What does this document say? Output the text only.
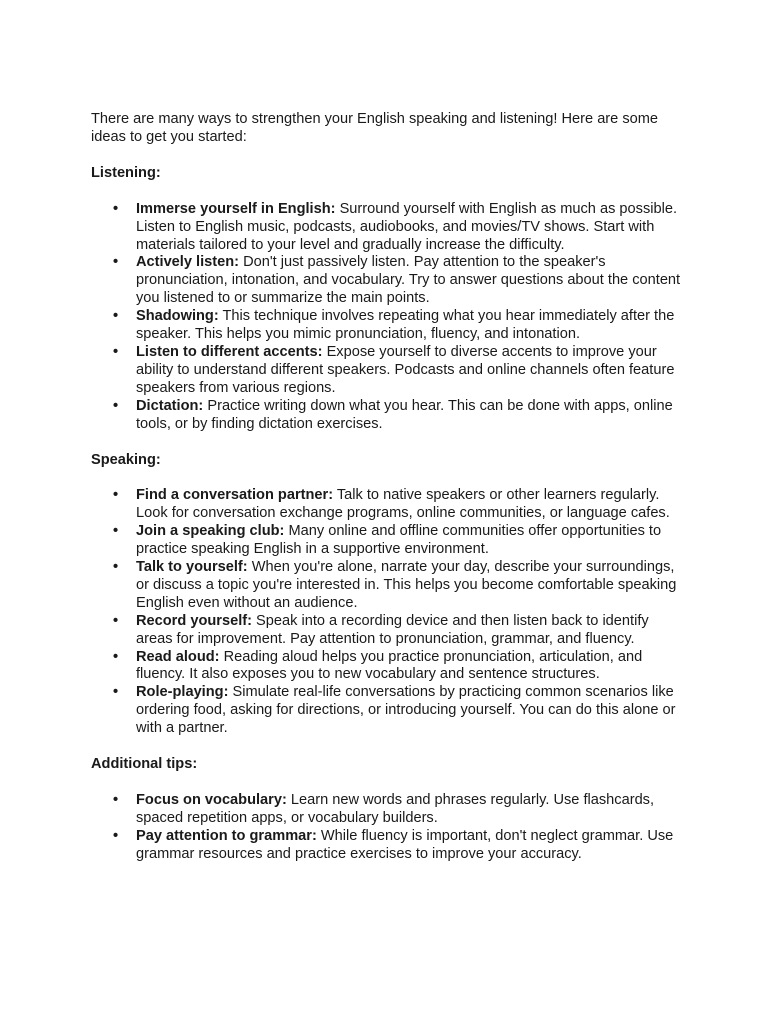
There are many ways to strengthen your English speaking and listening! Here are some ideas to get you started:

Listening:

• Immerse yourself in English: Surround yourself with English as much as possible. Listen to English music, podcasts, audiobooks, and movies/TV shows. Start with materials tailored to your level and gradually increase the difficulty.
• Actively listen: Don't just passively listen. Pay attention to the speaker's pronunciation, intonation, and vocabulary. Try to answer questions about the content you listened to or summarize the main points.
• Shadowing: This technique involves repeating what you hear immediately after the speaker. This helps you mimic pronunciation, fluency, and intonation.
• Listen to different accents: Expose yourself to diverse accents to improve your ability to understand different speakers. Podcasts and online channels often feature speakers from various regions.
• Dictation: Practice writing down what you hear. This can be done with apps, online tools, or by finding dictation exercises.

Speaking:

• Find a conversation partner: Talk to native speakers or other learners regularly. Look for conversation exchange programs, online communities, or language cafes.
• Join a speaking club: Many online and offline communities offer opportunities to practice speaking English in a supportive environment.
• Talk to yourself: When you're alone, narrate your day, describe your surroundings, or discuss a topic you're interested in. This helps you become comfortable speaking English even without an audience.
• Record yourself: Speak into a recording device and then listen back to identify areas for improvement. Pay attention to pronunciation, grammar, and fluency.
• Read aloud: Reading aloud helps you practice pronunciation, articulation, and fluency. It also exposes you to new vocabulary and sentence structures.
• Role-playing: Simulate real-life conversations by practicing common scenarios like ordering food, asking for directions, or introducing yourself. You can do this alone or with a partner.

Additional tips:

• Focus on vocabulary: Learn new words and phrases regularly. Use flashcards, spaced repetition apps, or vocabulary builders.
• Pay attention to grammar: While fluency is important, don't neglect grammar. Use grammar resources and practice exercises to improve your accuracy.
